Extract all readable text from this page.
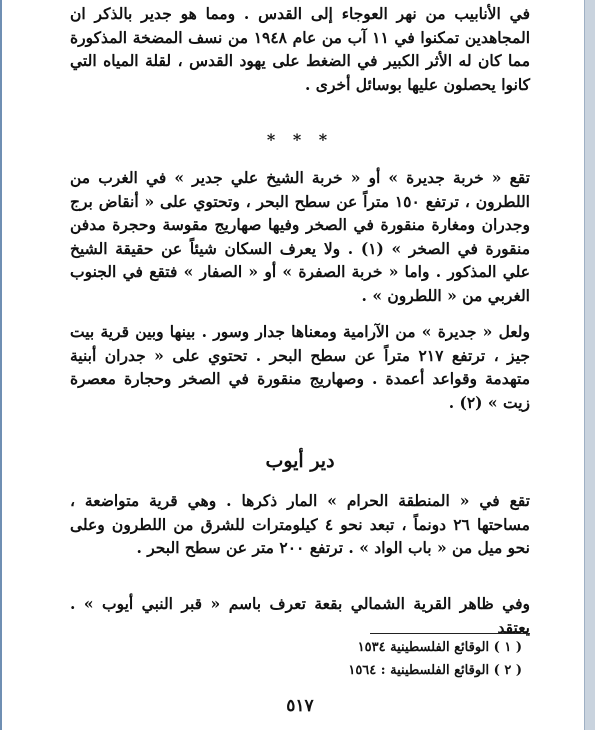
في الأنابيب من نهر العوجاء إلى القدس . ومما هو جدير بالذكر ان المجاهدين تمكنوا في ١١ آب من عام ١٩٤٨ من نسف المضخة المذكورة مما كان له الأثر الكبير في الضغط على يهود القدس ، لقلة المياه التي كانوا يحصلون عليها بوسائل أخرى .

* * *

تقع « خربة جديرة » أو « خربة الشيخ علي جدير » في الغرب من اللطرون ، ترتفع ١٥٠ متراً عن سطح البحر ، وتحتوي على « أنقاض برج وجدران ومغارة منقورة في الصخر وفيها صهاريج مقوسة وحجرة مدفن منقورة في الصخر » (١) . ولا يعرف السكان شيئاً عن حقيقة الشيخ علي المذكور . واما « خربة الصفرة » أو « الصفار » فتقع في الجنوب الغربي من « اللطرون » .

ولعل « جديرة » من الآرامية ومعناها جدار وسور . بينها وبين قرية بيت جيز ، ترتفع ٢١٧ متراً عن سطح البحر . تحتوي على « جدران أبنية متهدمة وقواعد أعمدة . وصهاريج منقورة في الصخر وحجارة معصرة زيت » (٢) .

دير أيوب

تقع في « المنطقة الحرام » المار ذكرها . وهي قرية متواضعة ، مساحتها ٢٦ دونماً ، تبعد نحو ٤ كيلومترات للشرق من اللطرون وعلى نحو ميل من « باب الواد » . ترتفع ٢٠٠ متر عن سطح البحر .

وفي ظاهر القرية الشمالي بقعة تعرف باسم « قبر النبي أيوب » . يعتقد

( ١ ) الوقائع الفلسطينية ١٥٣٤
( ٢ ) الوقائع الفلسطينية : ١٥٦٤
٥١٧
